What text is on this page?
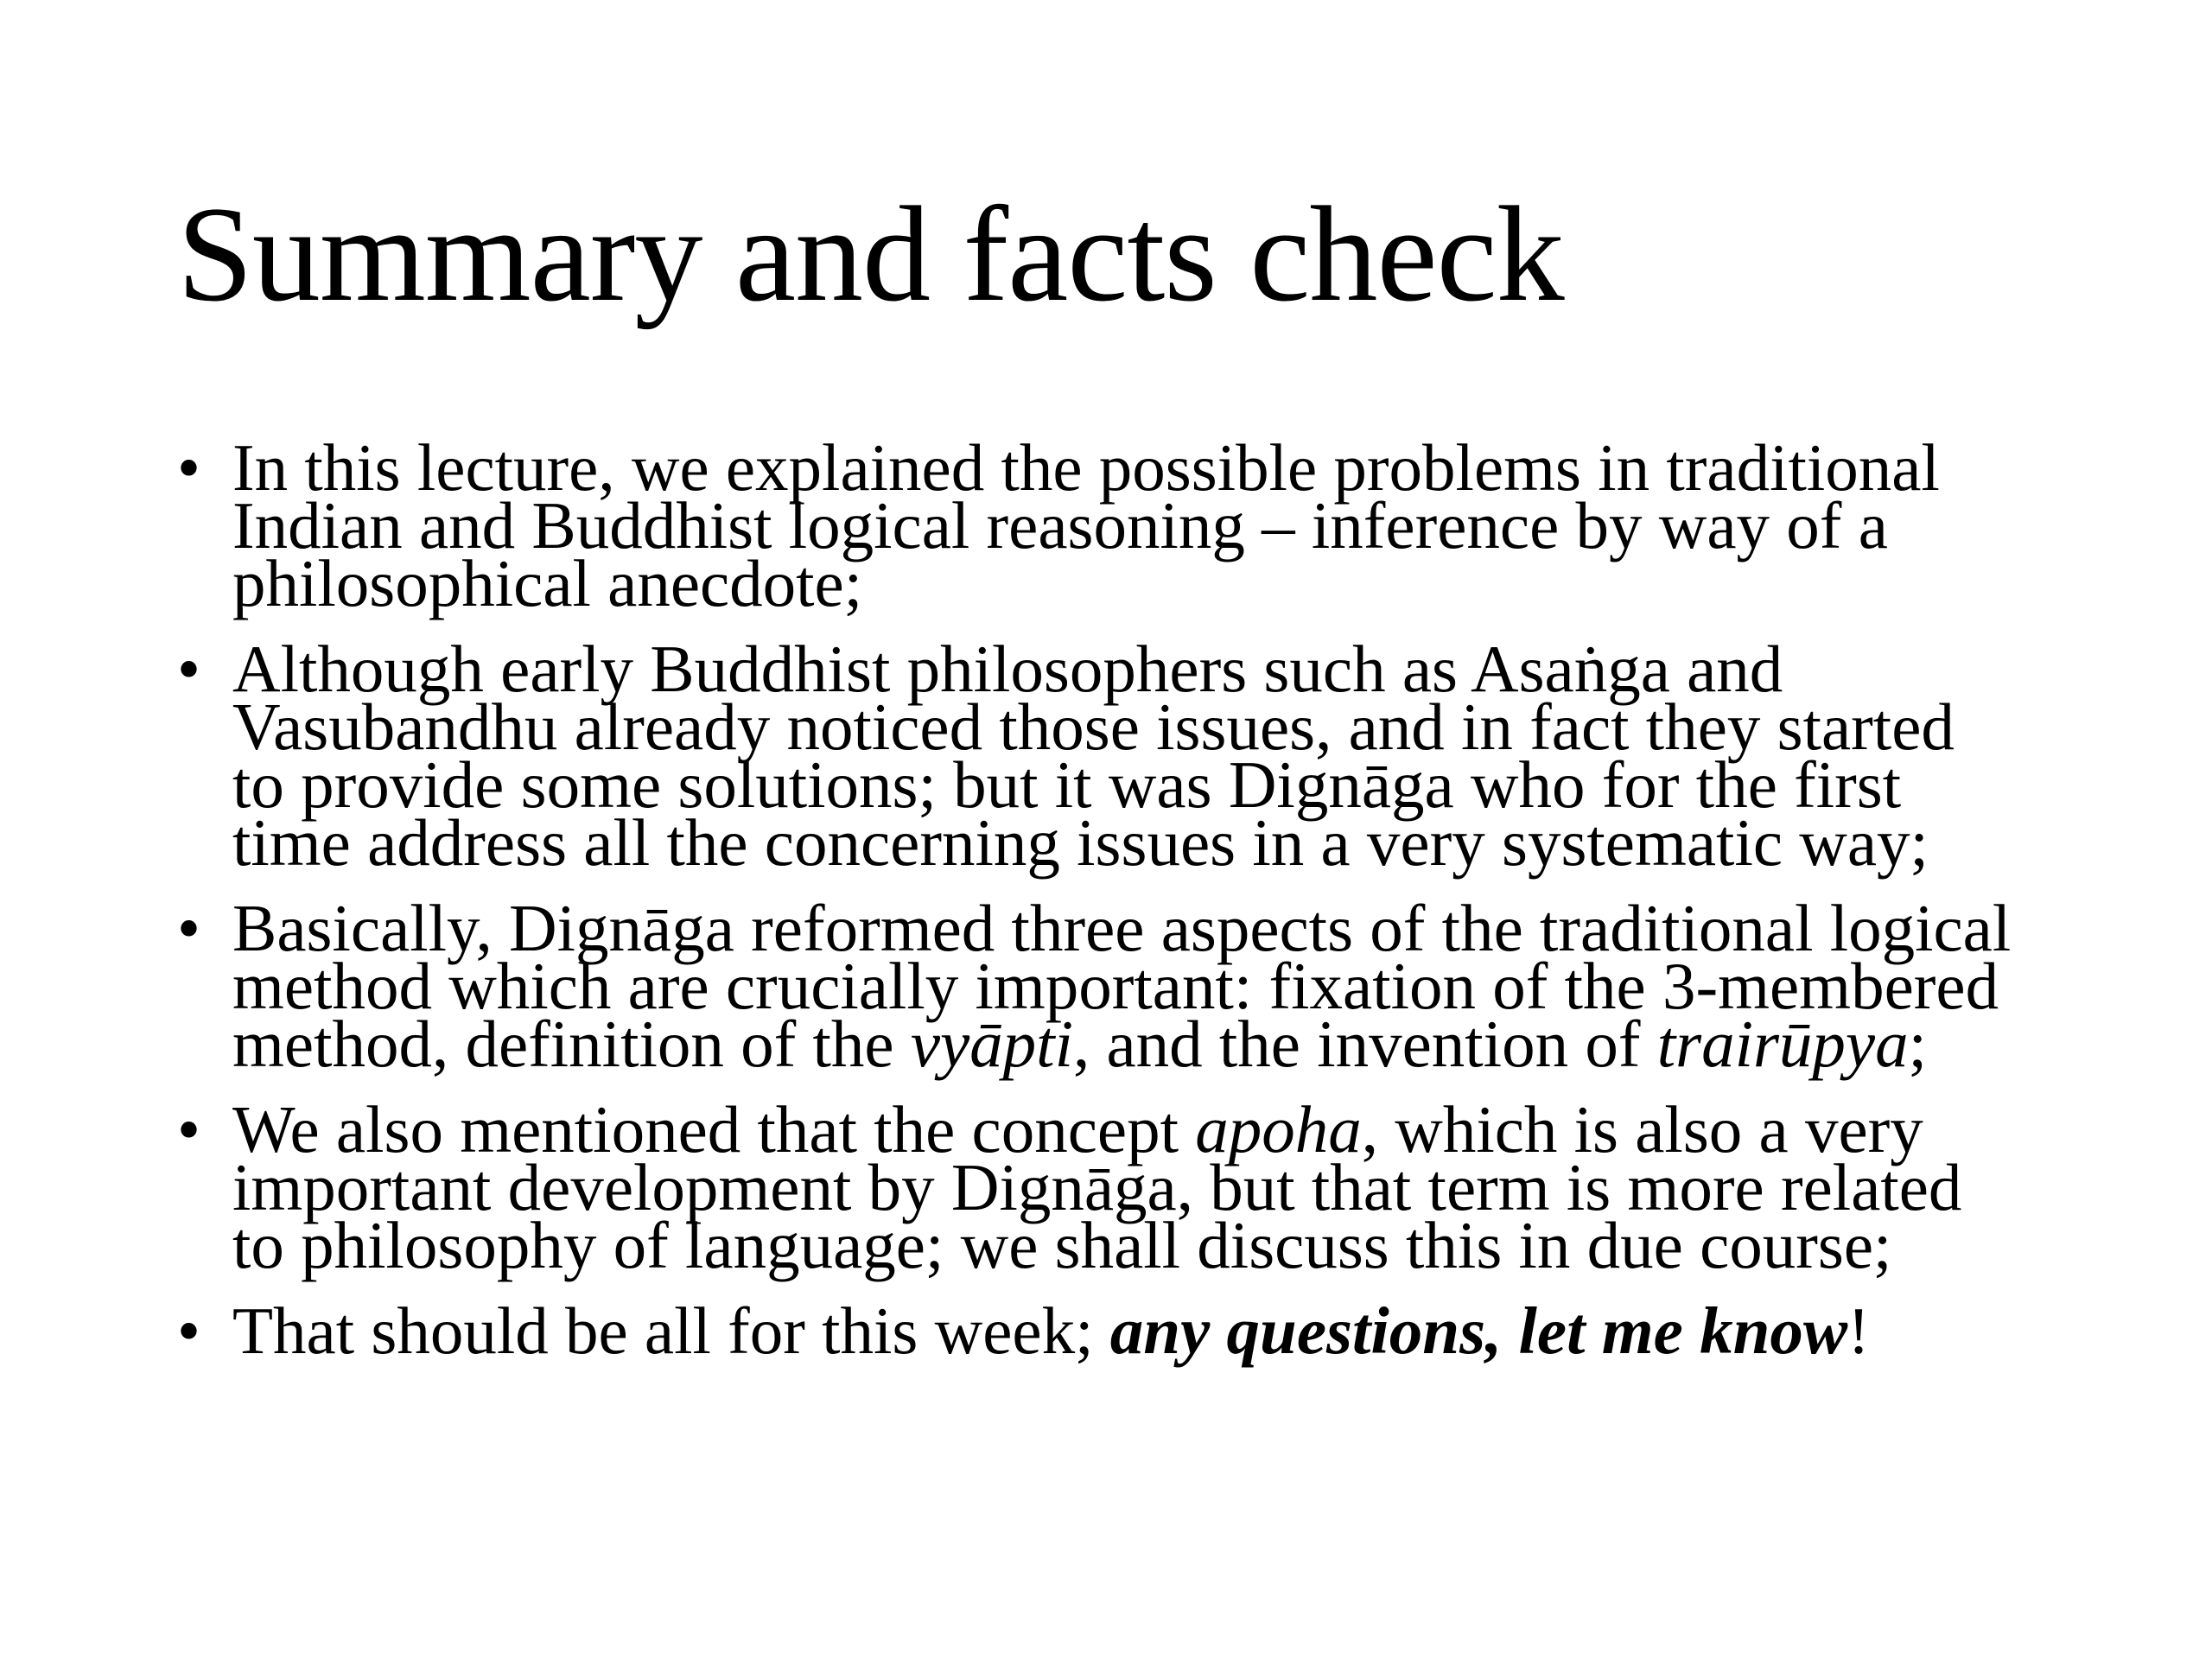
Summary and facts check
• In this lecture, we explained the possible problems in traditional
Indian and Buddhist logical reasoning – inference by way of a
philosophical anecdote;
• Although early Buddhist philosophers such as Asaṅga and
Vasubandhu already noticed those issues, and in fact they started
to provide some solutions; but it was Dignāga who for the first
time address all the concerning issues in a very systematic way;
• Basically, Dignāga reformed three aspects of the traditional logical
method which are crucially important: fixation of the 3-membered
method, definition of the vyāpti, and the invention of trairūpya;
• We also mentioned that the concept apoha, which is also a very
important development by Dignāga, but that term is more related
to philosophy of language; we shall discuss this in due course;
• That should be all for this week; any questions, let me know!
